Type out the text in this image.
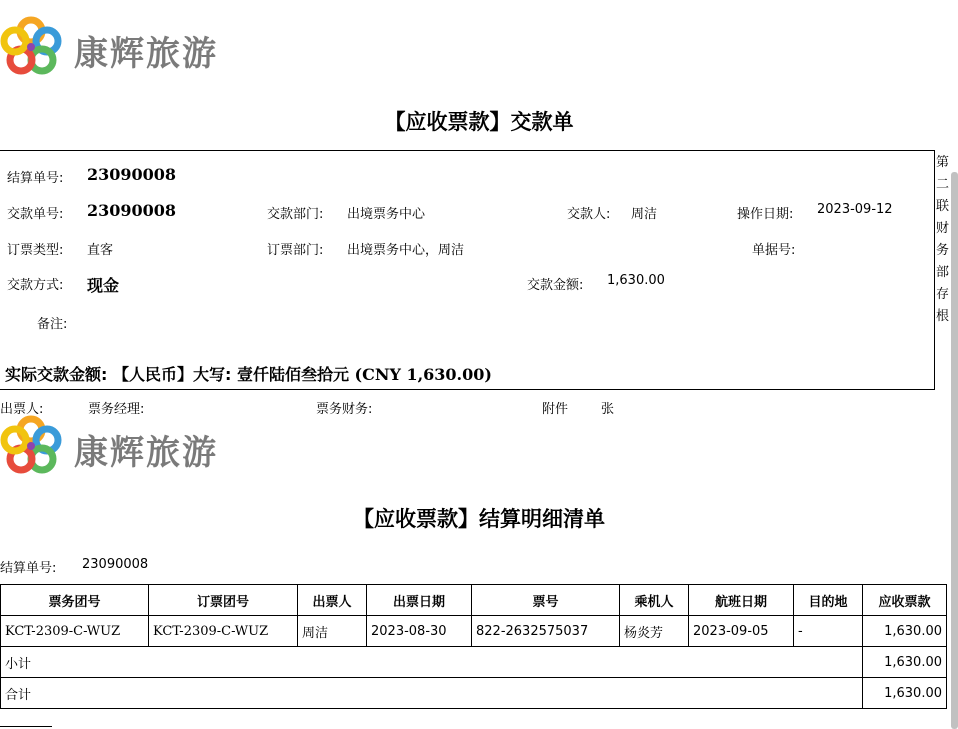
康辉旅游
【应收票款】交款单
结算单号: 23090008
交款单号: 23090008	交款部门: 出境票务中心	交款人: 周洁	操作日期: 2023-09-12
订票类型: 直客	订票部门: 出境票务中心，周洁	单据号:
交款方式: 现金	交款金额: 1,630.00
备注:
实际交款金额: 【人民币】大写: 壹仟陆佰叁拾元 (CNY 1,630.00)
第二联财务部存根
出票人:	票务经理:	票务财务:	附件	张
康辉旅游
【应收票款】结算明细清单
结算单号: 23090008
票务团号	订票团号	出票人	出票日期	票号	乘机人	航班日期	目的地	应收票款
KCT-2309-C-WUZ	KCT-2309-C-WUZ	周洁	2023-08-30	822-2632575037	杨炎芳	2023-09-05	-	1,630.00
小计								1,630.00
合计								1,630.00
